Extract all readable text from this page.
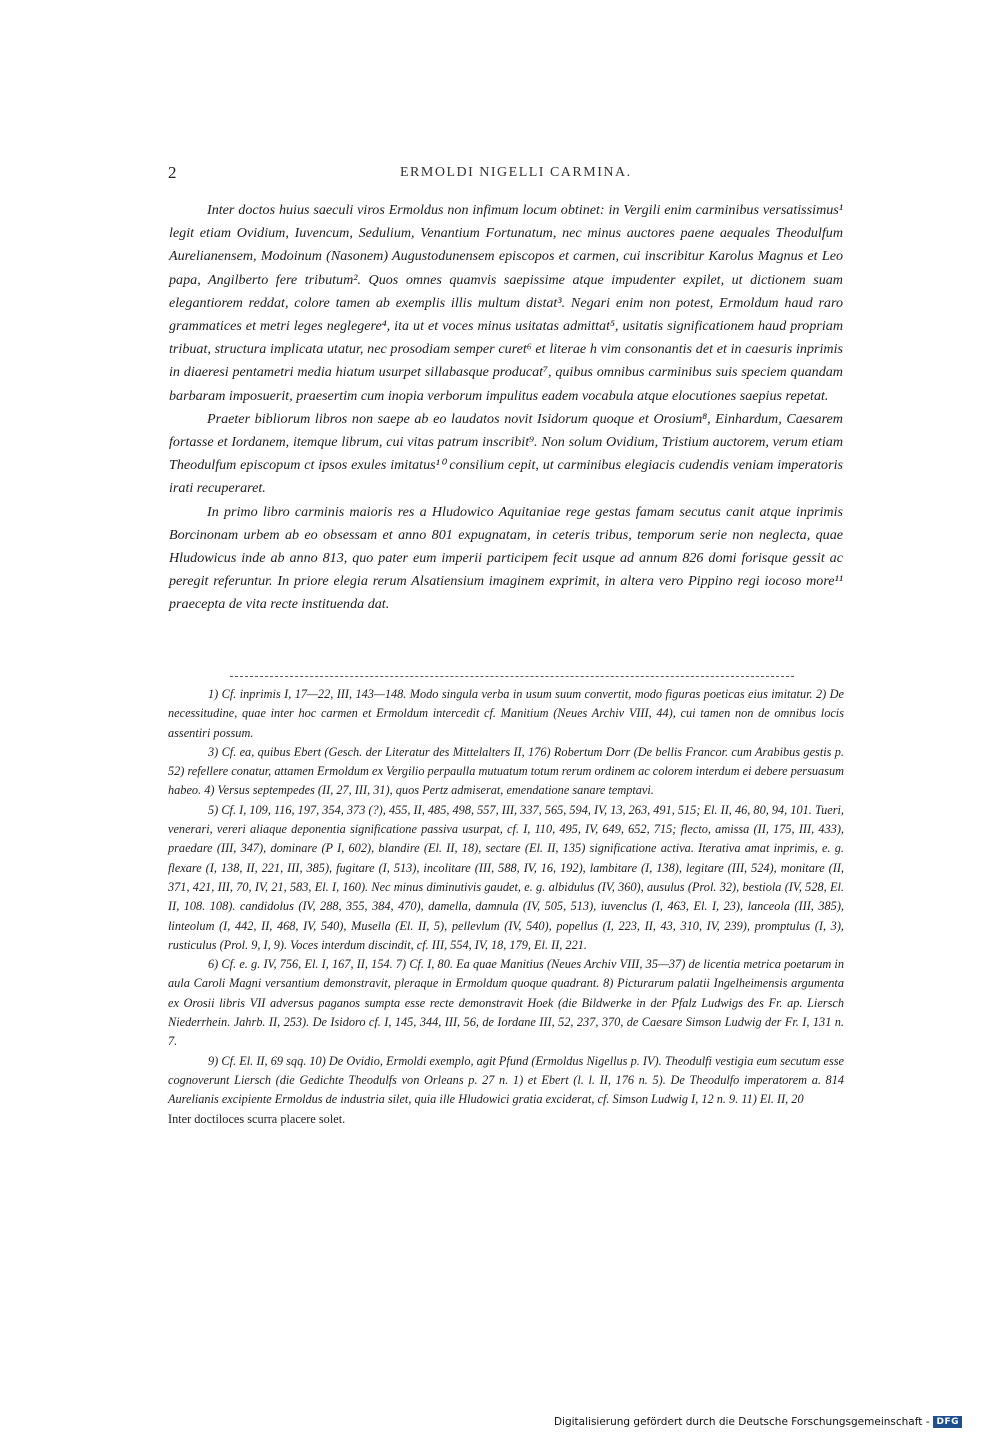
2	ERMOLDI NIGELLI CARMINA.

Inter doctos huius saeculi viros Ermoldus non infimum locum obtinet: in Vergili enim carminibus versatissimus¹ legit etiam Ovidium, Iuvencum, Sedulium, Venantium Fortunatum, nec minus auctores paene aequales Theodulfum Aurelianensem, Modoinum (Nasonem) Augustodunensem episcopos et carmen, cui inscribitur Karolus Magnus et Leo papa, Angilberto fere tributum². Quos omnes quamvis saepissime atque impudenter expilet, ut dictionem suam elegantiorem reddat, colore tamen ab exemplis illis multum distat³. Negari enim non potest, Ermoldum haud raro grammatices et metri leges neglegere⁴, ita ut et voces minus usitatas admittat⁵, usitatis significationem haud propriam tribuat, structura implicata utatur, nec prosodiam semper curet⁶ et literae h vim consonantis det et in caesuris inprimis in diaeresi pentametri media hiatum usurpet sillabasque producat⁷, quibus omnibus carminibus suis speciem quandam barbaram imposuerit, praesertim cum inopia verborum impulitus eadem vocabula atque elocutiones saepius repetat.

Praeter bibliorum libros non saepe ab eo laudatos novit Isidorum quoque et Orosium⁸, Einhardum, Caesarem fortasse et Iordanem, itemque librum, cui vitas patrum inscribit⁹. Non solum Ovidium, Tristium auctorem, verum etiam Theodulfum episcopum ct ipsos exules imitatus¹⁰ consilium cepit, ut carminibus elegiacis cudendis veniam imperatoris irati recuperaret.

In primo libro carminis maioris res a Hludowico Aquitaniae rege gestas famam secutus canit atque inprimis Borcinonam urbem ab eo obsessam et anno 801 expugnatam, in ceteris tribus, temporum serie non neglecta, quae Hludowicus inde ab anno 813, quo pater eum imperii participem fecit usque ad annum 826 domi forisque gessit ac peregit referuntur. In priore elegia rerum Alsatiensium imaginem exprimit, in altera vero Pippino regi iocoso more¹¹ praecepta de vita recte instituenda dat.

1) Cf. inprimis I, 17—22, III, 143—148. Modo singula verba in usum suum convertit, modo figuras poeticas eius imitatur. 2) De necessitudine, quae inter hoc carmen et Ermoldum intercedit cf. Manitium (Neues Archiv VIII, 44), cui tamen non de omnibus locis assentiri possum.

3) Cf. ea, quibus Ebert (Gesch. der Literatur des Mittelalters II, 176) Robertum Dorr (De bellis Francor. cum Arabibus gestis p. 52) refellere conatur, attamen Ermoldum ex Vergilio perpaulla mutuatum totum rerum ordinem ac colorem interdum ei debere persuasum habeo. 4) Versus septempedes (II, 27, III, 31), quos Pertz admiserat, emendatione sanare temptavi.

5) Cf. I, 109, 116, 197, 354, 373 (?), 455, II, 485, 498, 557, III, 337, 565, 594, IV, 13, 263, 491, 515; El. II, 46, 80, 94, 101. Tueri, venerari, vereri aliaque deponentia significatione passiva usurpat, cf. I, 110, 495, IV, 649, 652, 715; flecto, amissa (II, 175, III, 433), praedare (III, 347), dominare (P I, 602), blandire (El. II, 18), sectare (El. II, 135) significatione activa. Iterativa amat inprimis, e. g. flexare (I, 138, II, 221, III, 385), fugitare (I, 513), incolitare (III, 588, IV, 16, 192), lambitare (I, 138), legitare (III, 524), monitare (II, 371, 421, III, 70, IV, 21, 583, El. I, 160). Nec minus diminutivis gaudet, e. g. albidulus (IV, 360), ausulus (Prol. 32), bestiola (IV, 528, El. II, 108. 108). candidolus (IV, 288, 355, 384, 470), damella, damnula (IV, 505, 513), iuvenclus (I, 463, El. I, 23), lanceola (III, 385), linteolum (I, 442, II, 468, IV, 540), Musella (El. II, 5), pellevlum (IV, 540), popellus (I, 223, II, 43, 310, IV, 239), promptulus (I, 3), rusticulus (Prol. 9, I, 9). Voces interdum discindit, cf. III, 554, IV, 18, 179, El. II, 221.

6) Cf. e. g. IV, 756, El. I, 167, II, 154. 7) Cf. I, 80. Ea quae Manitius (Neues Archiv VIII, 35—37) de licentia metrica poetarum in aula Caroli Magni versantium demonstravit, pleraque in Ermoldum quoque quadrant. 8) Picturarum palatii Ingelheimensis argumenta ex Orosii libris VII adversus paganos sumpta esse recte demonstravit Hoek (die Bildwerke in der Pfalz Ludwigs des Fr. ap. Liersch Niederrhein. Jahrb. II, 253). De Isidoro cf. I, 145, 344, III, 56, de Iordane III, 52, 237, 370, de Caesare Simson Ludwig der Fr. I, 131 n. 7.

9) Cf. El. II, 69 sqq. 10) De Ovidio, Ermoldi exemplo, agit Pfund (Ermoldus Nigellus p. IV). Theodulfi vestigia eum secutum esse cognoverunt Liersch (die Gedichte Theodulfs von Orleans p. 27 n. 1) et Ebert (l. l. II, 176 n. 5). De Theodulfo imperatorem a. 814 Aurelianis excipiente Ermoldus de industria silet, quia ille Hludowici gratia exciderat, cf. Simson Ludwig I, 12 n. 9. 11) El. II, 20

Inter doctiloces scurra placere solet.

Digitalisierung gefördert durch die Deutsche Forschungsgemeinschaft - DFG
